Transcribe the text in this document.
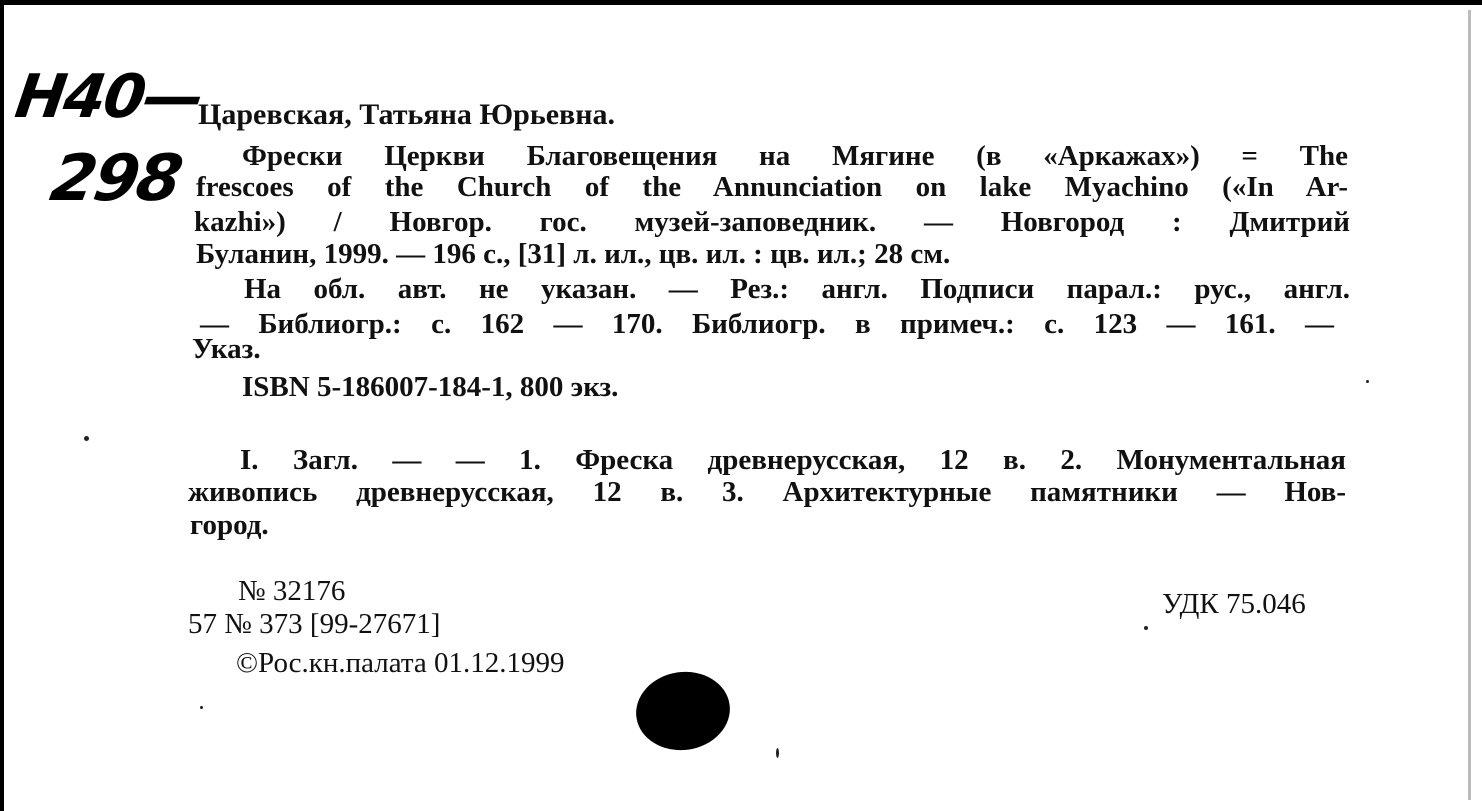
Н40—
298
Царевская, Татьяна Юрьевна.
Фрески Церкви Благовещения на Мягине (в «Аркажах») = The
frescoes of the Church of the Annunciation on lake Myachino («In Ar-
kazhi») / Новгор. гос. музей-заповедник. — Новгород : Дмитрий
Буланин, 1999. — 196 с., [31] л. ил., цв. ил. : цв. ил.; 28 см.
На обл. авт. не указан. — Рез.: англ. Подписи парал.: рус., англ.
— Библиогр.: с. 162 — 170. Библиогр. в примеч.: с. 123 — 161. —
Указ.
ISBN 5-186007-184-1, 800 экз.
I. Загл. — — 1. Фреска древнерусская, 12 в. 2. Монументальная
живопись древнерусская, 12 в. 3. Архитектурные памятники — Нов-
город.
№ 32176
57 № 373 [99-27671]
©Рос.кн.палата 01.12.1999
УДК 75.046
